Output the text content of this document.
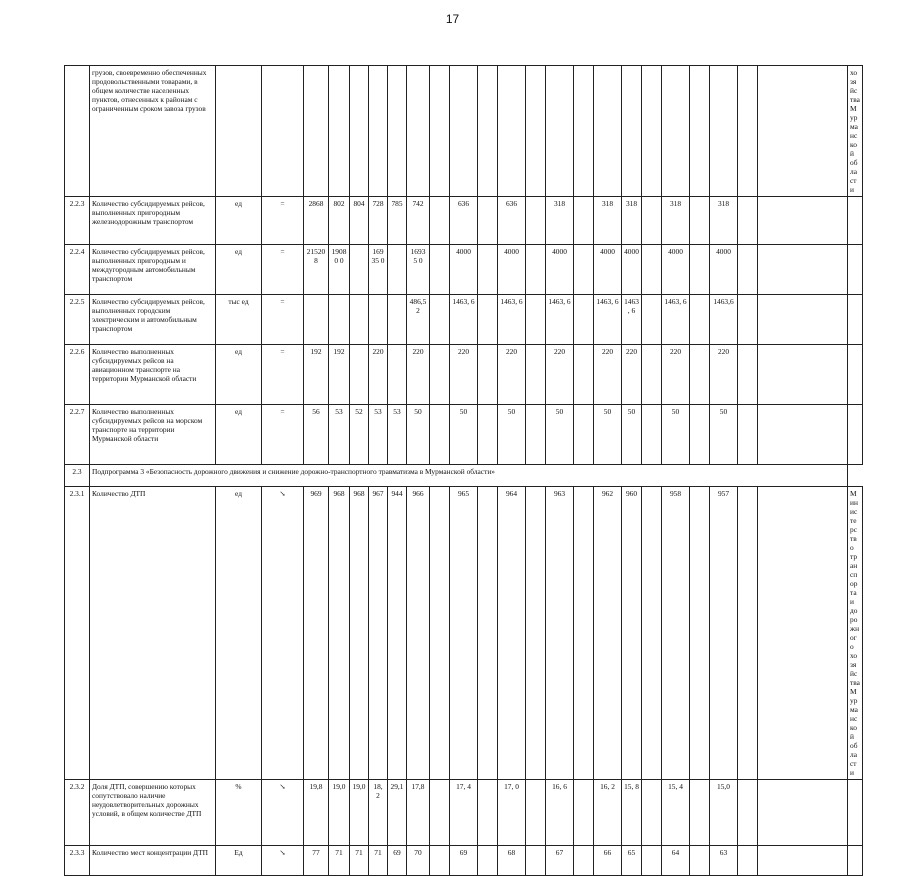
17
	грузов, своевременно обеспеченных продовольственными товарами, в общем количестве населенных пунктов, отнесенных к районам с ограниченным сроком завоза грузов																								хозяйства Мурманской области
2.2.3	Количество субсидируемых рейсов, выполненных пригородным железнодорожным транспортом	ед	=	2868	802	804	728	785	742		636		636		318		318	318		318		318			
2.2.4	Количество субсидируемых рейсов, выполненных пригородным и междугородным автомобильным транспортом	ед	=	215208	19080 0		16935 0		16935 0		4000		4000		4000		4000	4000		4000		4000			
2.2.5	Количество субсидируемых рейсов, выполненных городским электрическим и автомобильным транспортом	тыс ед	=						486,52		1463, 6		1463, 6		1463, 6		1463, 6	1463, 6		1463, 6		1463,6			
2.2.6	Количество выполненных субсидируемых рейсов на авиационном транспорте на территории Мурманской области	ед	=	192	192		220		220		220		220		220		220	220		220		220			
2.2.7	Количество выполненных субсидируемых рейсов на морском транспорте на территории Мурманской области	ед	=	56	53	52	53	53	50		50		50		50		50	50		50		50			
2.3	Подпрограмма 3 «Безопасность дорожного движения и снижение дорожно-транспортного травматизма в Мурманской области»																								
2.3.1	Количество ДТП	ед	↘	969	968	968	967	944	966		965		964		963		962	960		958		957			Министерство транспорта и дорожного хозяйства Мурманской области
2.3.2	Доля ДТП, совершению которых сопутствовало наличие неудовлетворительных дорожных условий, в общем количестве ДТП	%	↘	19,8	19,0	19,0	18, 2	29,1	17,8		17, 4		17, 0		16, 6		16, 2	15, 8		15, 4		15,0			
2.3.3	Количество мест концентрации ДТП	Ед	↘	77	71	71	71	69	70		69		68		67		66	65		64		63			
